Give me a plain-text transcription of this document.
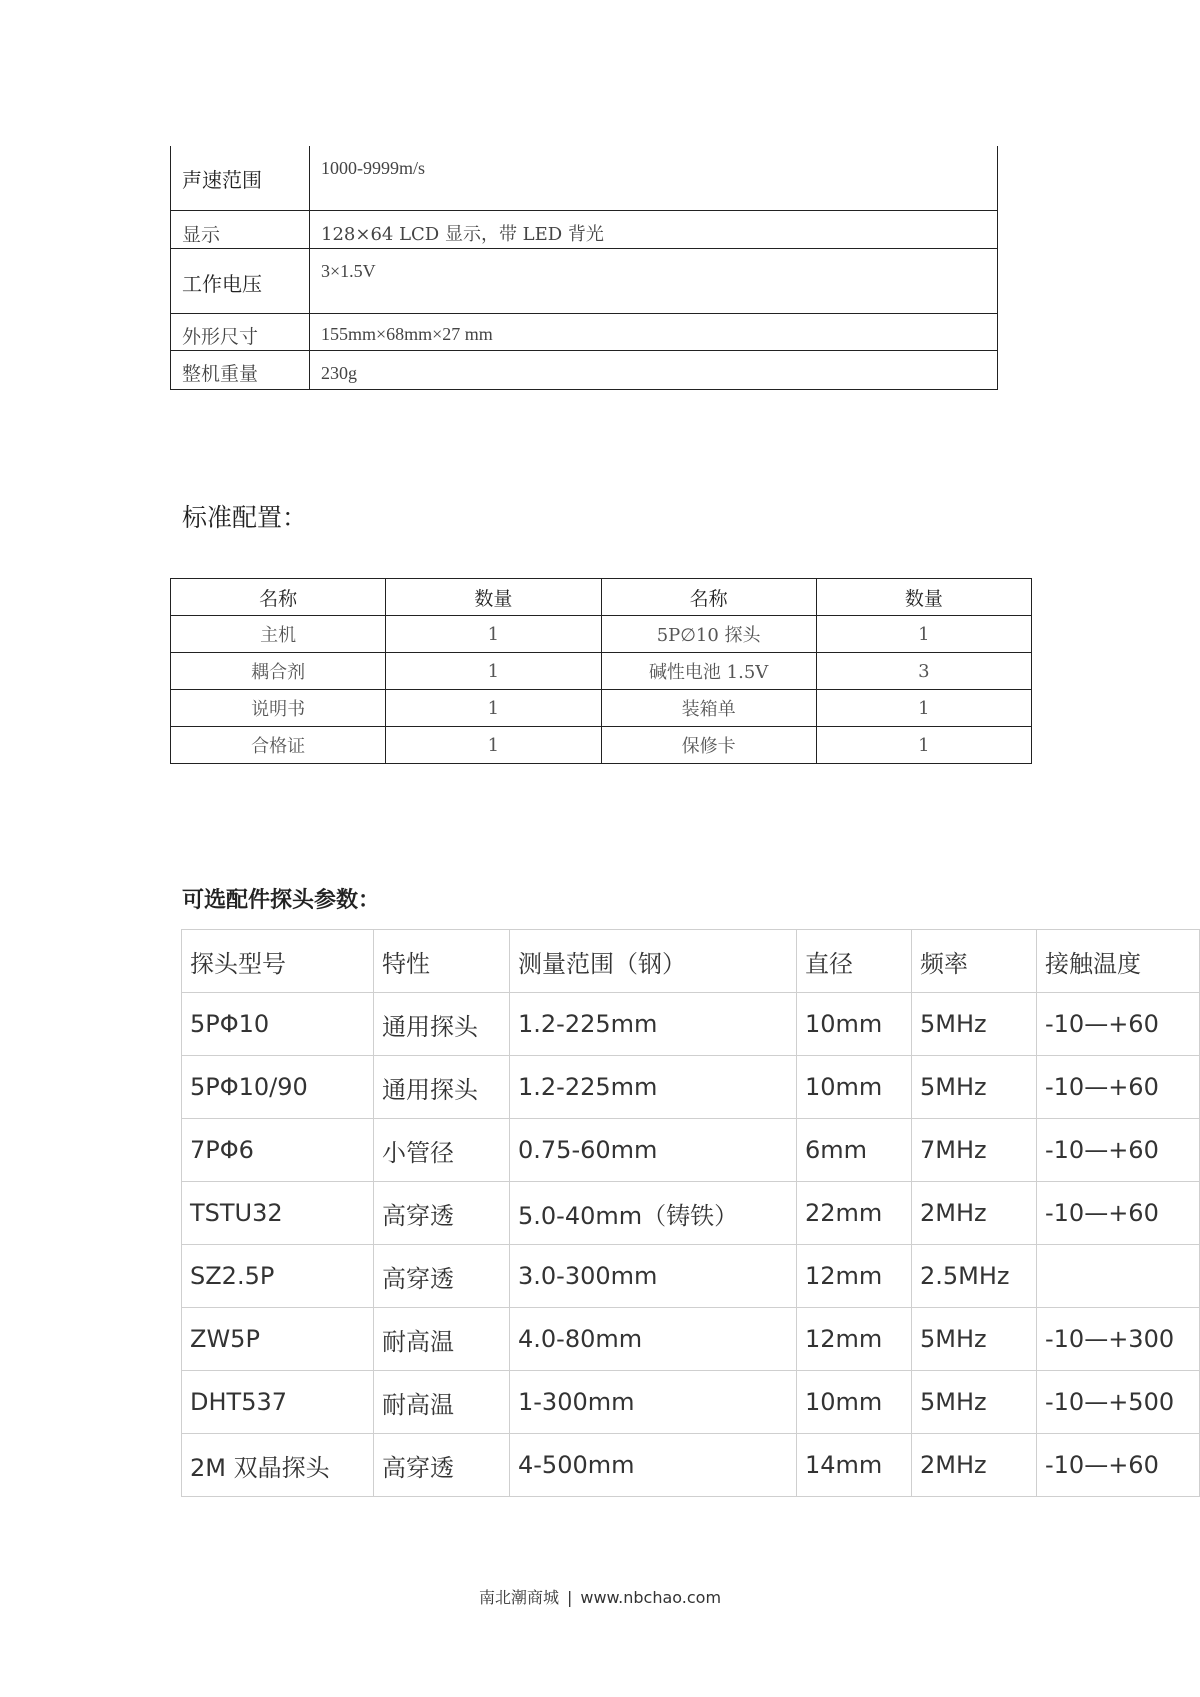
声速范围	1000-9999m/s
显示	128×64 LCD 显示，带 LED 背光
工作电压	3×1.5V
外形尺寸	155mm×68mm×27 mm
整机重量	230g
标准配置：
名称	数量	名称	数量
主机	1	5P∅10 探头	1
耦合剂	1	碱性电池 1.5V	3
说明书	1	装箱单	1
合格证	1	保修卡	1
可选配件探头参数：
探头型号	特性	测量范围（钢）	直径	频率	接触温度
5PΦ10	通用探头	1.2-225mm	10mm	5MHz	-10—+60
5PΦ10/90	通用探头	1.2-225mm	10mm	5MHz	-10—+60
7PΦ6	小管径	0.75-60mm	6mm	7MHz	-10—+60
TSTU32	高穿透	5.0-40mm（铸铁）	22mm	2MHz	-10—+60
SZ2.5P	高穿透	3.0-300mm	12mm	2.5MHz	
ZW5P	耐高温	4.0-80mm	12mm	5MHz	-10—+300
DHT537	耐高温	1-300mm	10mm	5MHz	-10—+500
2M 双晶探头	高穿透	4-500mm	14mm	2MHz	-10—+60
南北潮商城 | www.nbchao.com
